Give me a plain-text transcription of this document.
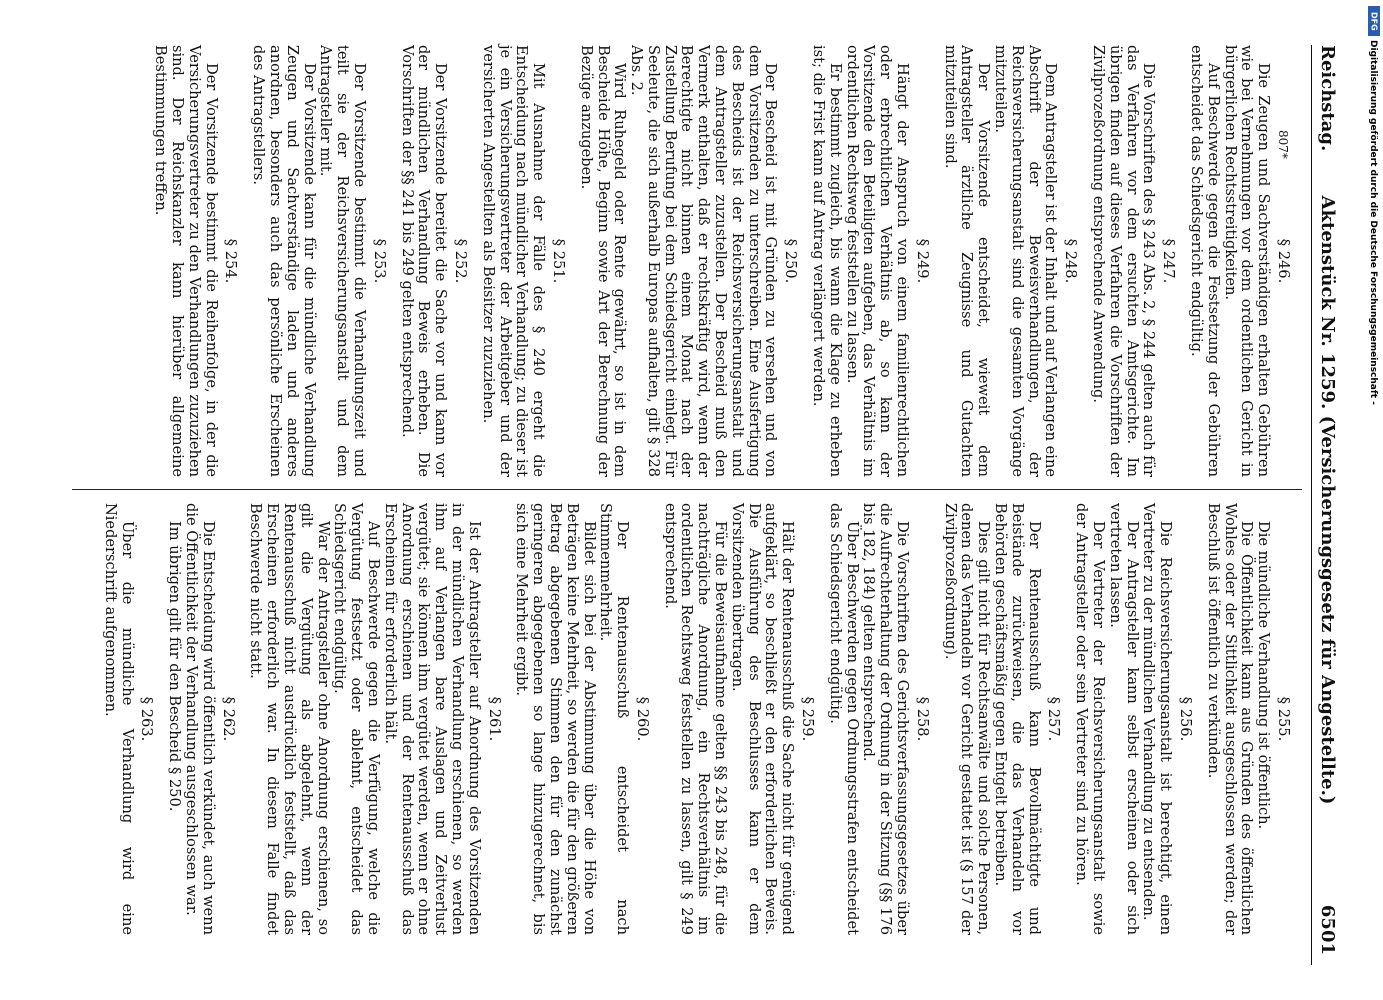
Reichstag.
Aktenstück Nr. 1259. (Versicherungsgesetz für Angestellte.)
6501
§ 246.

Die Zeugen und Sachverständigen erhalten Gebühren wie bei Vernehmungen vor dem ordentlichen Gericht in bürgerlichen Rechtsstreitigkeiten.

Auf Beschwerde gegen die Festsetzung der Gebühren entscheidet das Schiedsgericht endgültig.

§ 247.

Die Vorschriften des § 243 Abs. 2, § 244 gelten auch für das Verfahren vor dem ersuchten Amtsgerichte. Im übrigen finden auf dieses Verfahren die Vorschriften der Zivilprozeßordnung entsprechende Anwendung.

§ 248.

Dem Antragsteller ist der Inhalt und auf Verlangen eine Abschrift der Beweisverhandlungen, der Reichsversicherungsanstalt sind die gesamten Vorgänge mitzuteilen.

Der Vorsitzende entscheidet, wieweit dem Antragsteller ärztliche Zeugnisse und Gutachten mitzuteilen sind.

§ 249.

Hängt der Anspruch von einem familienrechtlichen oder erbrechtlichen Verhältnis ab, so kann der Vorsitzende den Beteiligten aufgeben, das Verhältnis im ordentlichen Rechtsweg feststellen zu lassen.

Er bestimmt zugleich, bis wann die Klage zu erheben ist; die Frist kann auf Antrag verlängert werden.

§ 250.

Der Bescheid ist mit Gründen zu versehen und von dem Vorsitzenden zu unterschreiben. Eine Ausfertigung des Bescheids ist der Reichsversicherungsanstalt und dem Antragsteller zuzustellen. Der Bescheid muß den Vermerk enthalten, daß er rechtskräftig wird, wenn der Berechtigte nicht binnen einem Monat nach der Zustellung Berufung bei dem Schiedsgericht einlegt. Für Seeleute, die sich außerhalb Europas aufhalten, gilt § 328 Abs. 2.

Wird Ruhegeld oder Rente gewährt, so ist in dem Bescheide Höhe, Beginn sowie Art der Berechnung der Bezüge anzugeben.

§ 251.

Mit Ausnahme der Fälle des § 240 ergeht die Entscheidung nach mündlicher Verhandlung; zu dieser ist je ein Versicherungsvertreter der Arbeitgeber und der versicherten Angestellten als Beisitzer zuzuziehen.

§ 252.

Der Vorsitzende bereitet die Sache vor und kann vor der mündlichen Verhandlung Beweis erheben. Die Vorschriften der §§ 241 bis 249 gelten entsprechend.

§ 253.

Der Vorsitzende bestimmt die Verhandlungszeit und teilt sie der Reichsversicherungsanstalt und dem Antragsteller mit.

Der Vorsitzende kann für die mündliche Verhandlung Zeugen und Sachverständige laden und anderes anordnen, besonders auch das persönliche Erscheinen des Antragstellers.

§ 254.

Der Vorsitzende bestimmt die Reihenfolge, in der die Versicherungsvertreter zu den Verhandlungen zuzuziehen sind. Der Reichskanzler kann hierüber allgemeine Bestimmungen treffen.

§ 255.

Die mündliche Verhandlung ist öffentlich.

Die Öffentlichkeit kann aus Gründen des öffentlichen Wohles oder der Sittlichkeit ausgeschlossen werden; der Beschluß ist öffentlich zu verkünden.

§ 256.

Die Reichsversicherungsanstalt ist berechtigt, einen Vertreter zu der mündlichen Verhandlung zu entsenden.

Der Antragsteller kann selbst erscheinen oder sich vertreten lassen.

Der Vertreter der Reichsversicherungsanstalt sowie der Antragsteller oder sein Vertreter sind zu hören.

§ 257.

Der Rentenausschuß kann Bevollmächtigte und Beistände zurückweisen, die das Verhandeln vor Behörden geschäftsmäßig gegen Entgelt betreiben.

Dies gilt nicht für Rechtsanwälte und solche Personen, denen das Verhandeln vor Gericht gestattet ist (§ 157 der Zivilprozeßordnung).

§ 258.

Die Vorschriften des Gerichtsverfassungsgesetzes über die Aufrechterhaltung der Ordnung in der Sitzung (§§ 176 bis 182, 184) gelten entsprechend.

Über Beschwerden gegen Ordnungsstrafen entscheidet das Schiedsgericht endgültig.

§ 259.

Hält der Rentenausschuß die Sache nicht für genügend aufgeklärt, so beschließt er den erforderlichen Beweis. Die Ausführung des Beschlusses kann er dem Vorsitzenden übertragen.

Für die Beweisaufnahme gelten §§ 243 bis 248, für die nachträgliche Anordnung, ein Rechtsverhältnis im ordentlichen Rechtsweg feststellen zu lassen, gilt § 249 entsprechend.

§ 260.

Der Rentenausschuß entscheidet nach Stimmenmehrheit.

Bildet sich bei der Abstimmung über die Höhe von Beträgen keine Mehrheit, so werden die für den größeren Betrag abgegebenen Stimmen den für den zunächst geringeren abgegebenen so lange hinzugerechnet, bis sich eine Mehrheit ergibt.

§ 261.

Ist der Antragsteller auf Anordnung des Vorsitzenden in der mündlichen Verhandlung erschienen, so werden ihm auf Verlangen bare Auslagen und Zeitverlust vergütet; sie können ihm vergütet werden, wenn er ohne Anordnung erschienen und der Rentenausschuß das Erscheinen für erforderlich hält.

Auf Beschwerde gegen die Verfügung, welche die Vergütung festsetzt oder ablehnt, entscheidet das Schiedsgericht endgültig.

War der Antragsteller ohne Anordnung erschienen, so gilt die Vergütung als abgelehnt, wenn der Rentenausschuß nicht ausdrücklich feststellt, daß das Erscheinen erforderlich war. In diesem Falle findet Beschwerde nicht statt.

§ 262.

Die Entscheidung wird öffentlich verkündet, auch wenn die Öffentlichkeit der Verhandlung ausgeschlossen war.

Im übrigen gilt für den Bescheid § 250.

§ 263.

Über die mündliche Verhandlung wird eine Niederschrift aufgenommen.

DFG
Digitalisierung gefördert durch die Deutsche Forschungsgemeinschaft -
807*
